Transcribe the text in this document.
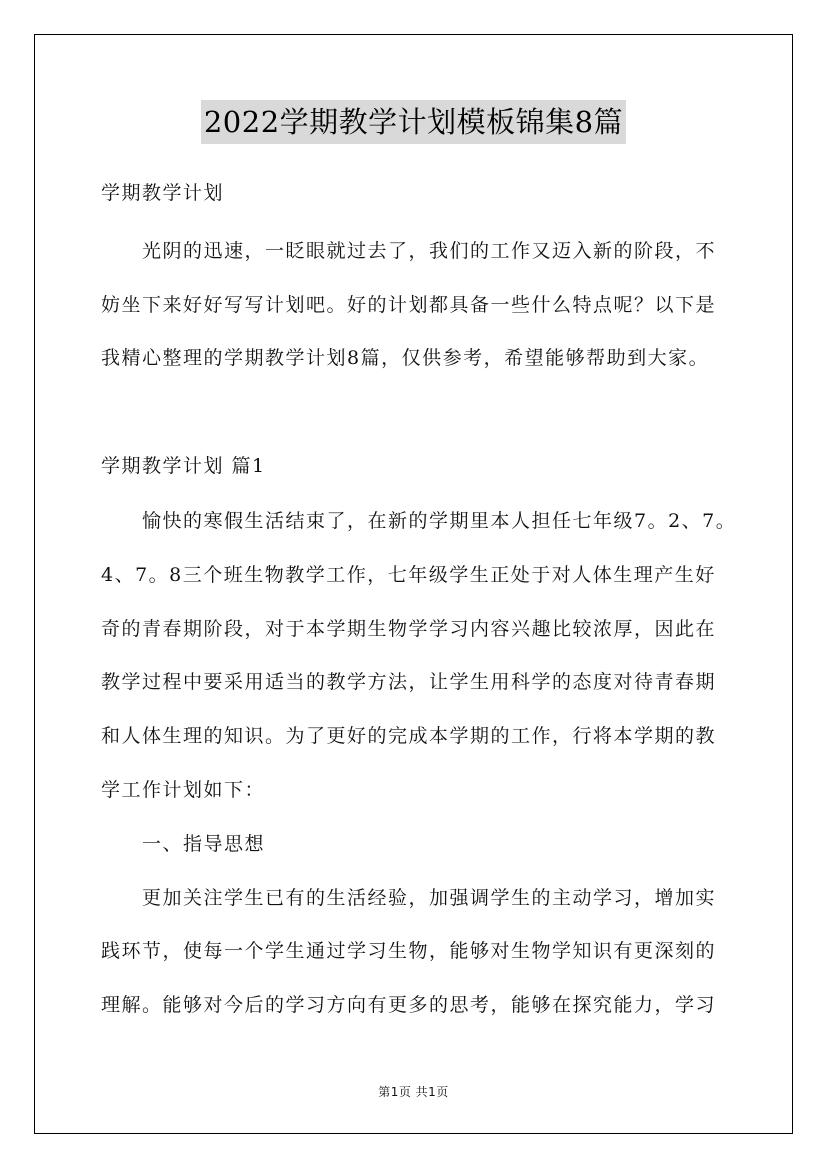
2022学期教学计划模板锦集8篇
学期教学计划
光阴的迅速，一眨眼就过去了，我们的工作又迈入新的阶段，不
妨坐下来好好写写计划吧。好的计划都具备一些什么特点呢？以下是
我精心整理的学期教学计划8篇，仅供参考，希望能够帮助到大家。
学期教学计划 篇1
愉快的寒假生活结束了，在新的学期里本人担任七年级7。2、7。
4、7。8三个班生物教学工作，七年级学生正处于对人体生理产生好
奇的青春期阶段，对于本学期生物学学习内容兴趣比较浓厚，因此在
教学过程中要采用适当的教学方法，让学生用科学的态度对待青春期
和人体生理的知识。为了更好的完成本学期的工作，行将本学期的教
学工作计划如下：
一、指导思想
更加关注学生已有的生活经验，加强调学生的主动学习，增加实
践环节，使每一个学生通过学习生物，能够对生物学知识有更深刻的
理解。能够对今后的学习方向有更多的思考，能够在探究能力，学习
第1页 共1页
